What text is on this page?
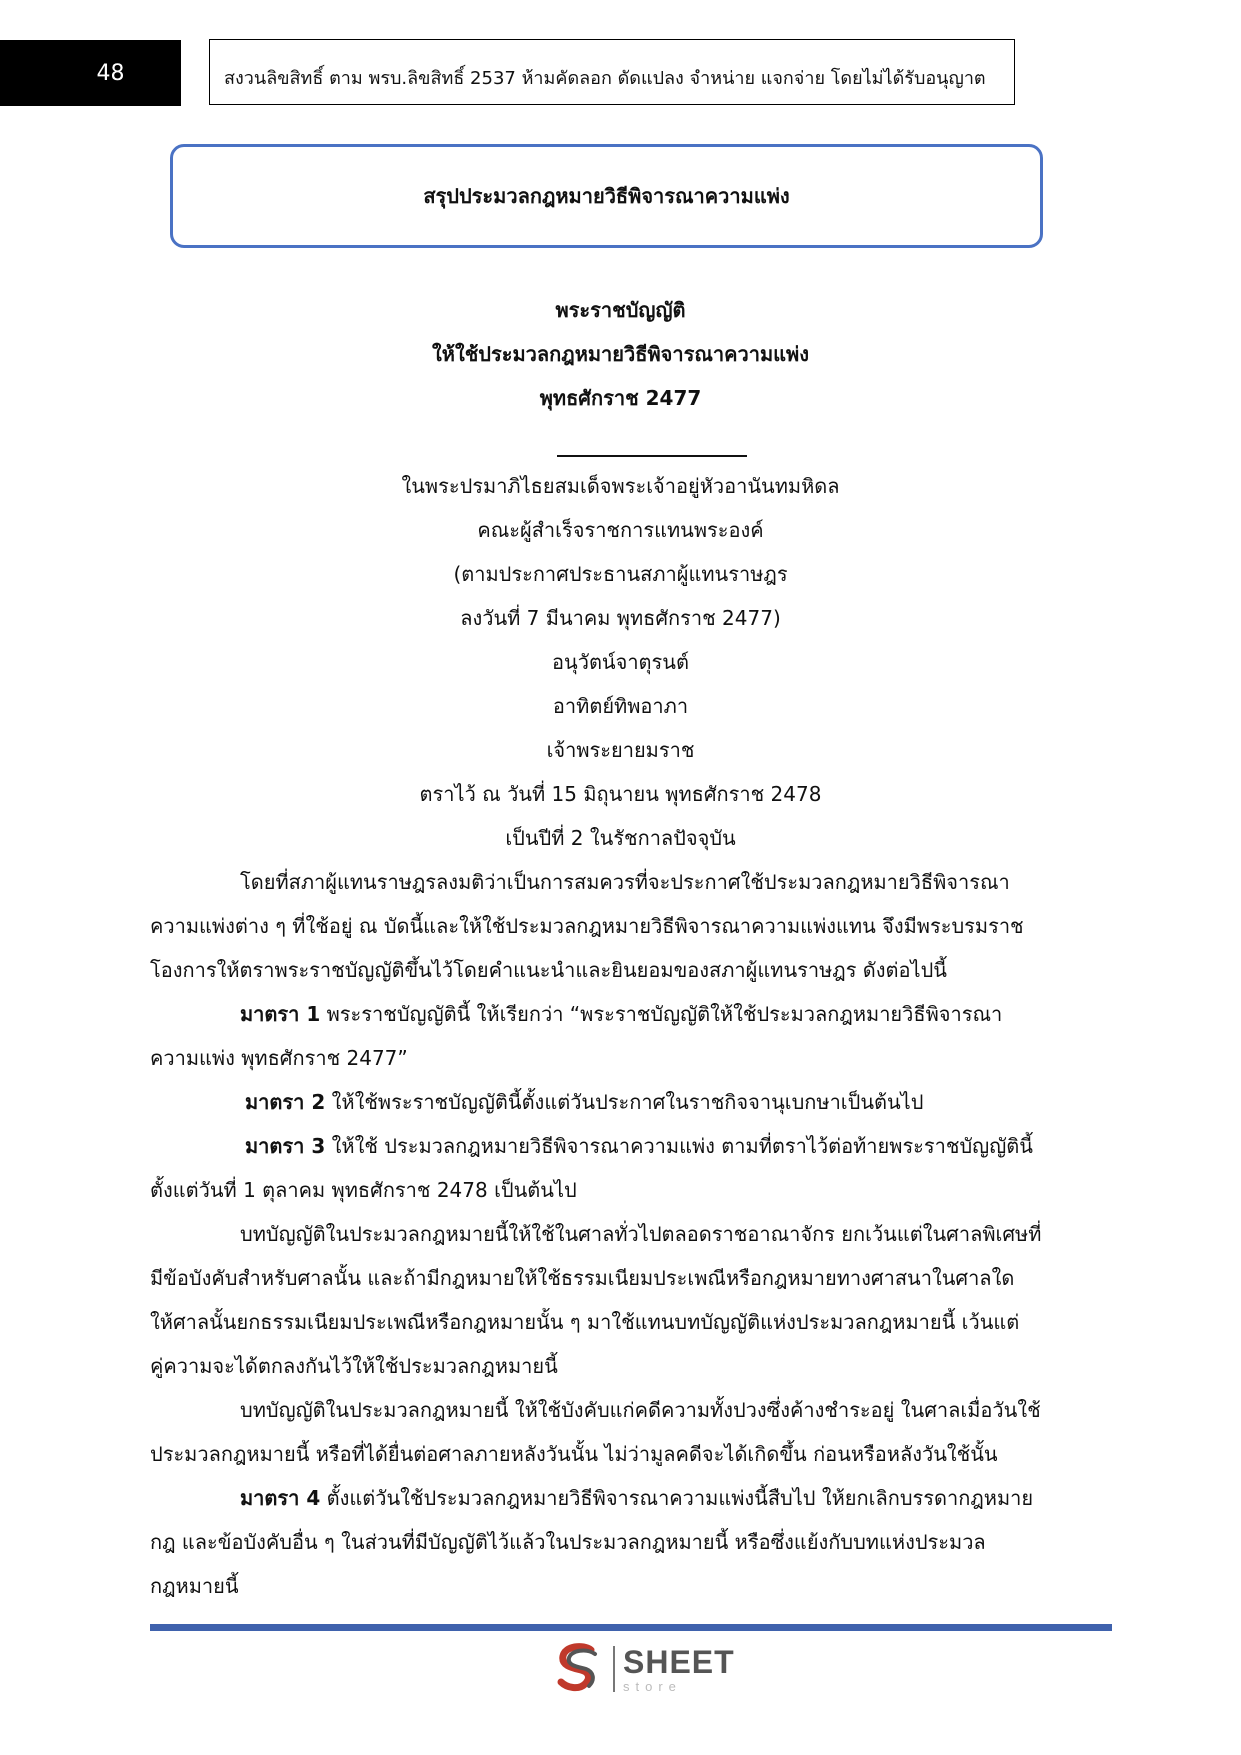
48	สงวนลิขสิทธิ์ ตาม พรบ.ลิขสิทธิ์ 2537 ห้ามคัดลอก ดัดแปลง จำหน่าย แจกจ่าย โดยไม่ได้รับอนุญาต
สรุปประมวลกฎหมายวิธีพิจารณาความแพ่ง
พระราชบัญญัติ
ให้ใช้ประมวลกฎหมายวิธีพิจารณาความแพ่ง
พุทธศักราช 2477
ในพระปรมาภิไธยสมเด็จพระเจ้าอยู่หัวอานันทมหิดล
คณะผู้สำเร็จราชการแทนพระองค์
(ตามประกาศประธานสภาผู้แทนราษฎร
ลงวันที่ 7 มีนาคม พุทธศักราช 2477)
อนุวัตน์จาตุรนต์
อาทิตย์ทิพอาภา
เจ้าพระยายมราช
ตราไว้ ณ วันที่ 15 มิถุนายน พุทธศักราช 2478
เป็นปีที่ 2 ในรัชกาลปัจจุบัน
โดยที่สภาผู้แทนราษฎรลงมติว่าเป็นการสมควรที่จะประกาศใช้ประมวลกฎหมายวิธีพิจารณา
ความแพ่งต่าง ๆ ที่ใช้อยู่ ณ บัดนี้และให้ใช้ประมวลกฎหมายวิธีพิจารณาความแพ่งแทน จึงมีพระบรมราช
โองการให้ตราพระราชบัญญัติขึ้นไว้โดยคำแนะนำและยินยอมของสภาผู้แทนราษฎร ดังต่อไปนี้
มาตรา 1 พระราชบัญญัตินี้ ให้เรียกว่า “พระราชบัญญัติให้ใช้ประมวลกฎหมายวิธีพิจารณา
ความแพ่ง พุทธศักราช 2477”
มาตรา 2 ให้ใช้พระราชบัญญัตินี้ตั้งแต่วันประกาศในราชกิจจานุเบกษาเป็นต้นไป
มาตรา 3 ให้ใช้ ประมวลกฎหมายวิธีพิจารณาความแพ่ง ตามที่ตราไว้ต่อท้ายพระราชบัญญัตินี้
ตั้งแต่วันที่ 1 ตุลาคม พุทธศักราช 2478 เป็นต้นไป
บทบัญญัติในประมวลกฎหมายนี้ให้ใช้ในศาลทั่วไปตลอดราชอาณาจักร ยกเว้นแต่ในศาลพิเศษที่
มีข้อบังคับสำหรับศาลนั้น และถ้ามีกฎหมายให้ใช้ธรรมเนียมประเพณีหรือกฎหมายทางศาสนาในศาลใด
ให้ศาลนั้นยกธรรมเนียมประเพณีหรือกฎหมายนั้น ๆ มาใช้แทนบทบัญญัติแห่งประมวลกฎหมายนี้ เว้นแต่
คู่ความจะได้ตกลงกันไว้ให้ใช้ประมวลกฎหมายนี้
บทบัญญัติในประมวลกฎหมายนี้ ให้ใช้บังคับแก่คดีความทั้งปวงซึ่งค้างชำระอยู่ ในศาลเมื่อวันใช้
ประมวลกฎหมายนี้ หรือที่ได้ยื่นต่อศาลภายหลังวันนั้น ไม่ว่ามูลคดีจะได้เกิดขึ้น ก่อนหรือหลังวันใช้นั้น
มาตรา 4 ตั้งแต่วันใช้ประมวลกฎหมายวิธีพิจารณาความแพ่งนี้สืบไป ให้ยกเลิกบรรดากฎหมาย
กฎ และข้อบังคับอื่น ๆ ในส่วนที่มีบัญญัติไว้แล้วในประมวลกฎหมายนี้ หรือซึ่งแย้งกับบทแห่งประมวล
กฎหมายนี้
SHEET
store
